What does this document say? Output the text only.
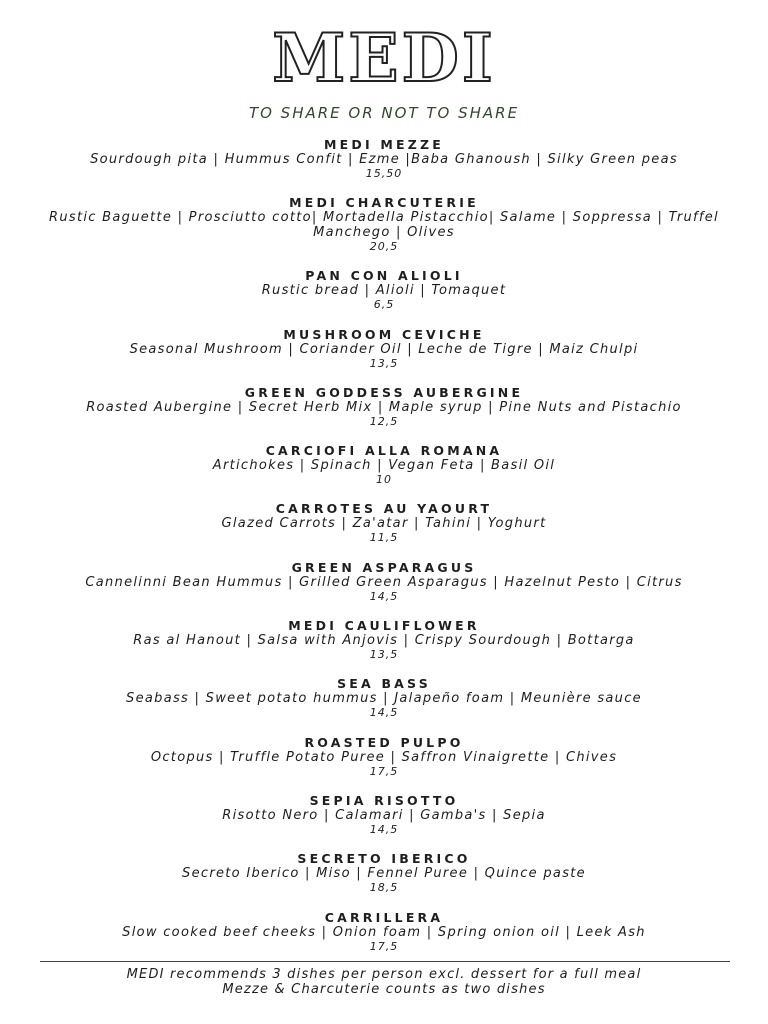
MEDI
TO SHARE OR NOT TO SHARE
MEDI MEZZE
Sourdough pita | Hummus Confit | Ezme |Baba Ghanoush | Silky Green peas
15,50
MEDI CHARCUTERIE
Rustic Baguette | Prosciutto cotto| Mortadella Pistacchio| Salame | Soppressa | Truffel Manchego | Olives
20,5
PAN CON ALIOLI
Rustic bread | Alioli | Tomaquet
6,5
MUSHROOM CEVICHE
Seasonal Mushroom | Coriander Oil | Leche de Tigre | Maiz Chulpi
13,5
GREEN GODDESS AUBERGINE
Roasted Aubergine | Secret Herb Mix | Maple syrup | Pine Nuts and Pistachio
12,5
CARCIOFI ALLA ROMANA
Artichokes | Spinach | Vegan Feta | Basil Oil
10
CARROTES AU YAOURT
Glazed Carrots | Za'atar | Tahini | Yoghurt
11,5
GREEN ASPARAGUS
Cannelinni Bean Hummus | Grilled Green Asparagus | Hazelnut Pesto | Citrus
14,5
MEDI CAULIFLOWER
Ras al Hanout | Salsa with Anjovis | Crispy Sourdough | Bottarga
13,5
SEA BASS
Seabass | Sweet potato hummus | Jalapeño foam | Meunière sauce
14,5
ROASTED PULPO
Octopus | Truffle Potato Puree | Saffron Vinaigrette | Chives
17,5
SEPIA RISOTTO
Risotto Nero | Calamari | Gamba's | Sepia
14,5
SECRETO IBERICO
Secreto Iberico | Miso | Fennel Puree | Quince paste
18,5
CARRILLERA
Slow cooked beef cheeks | Onion foam | Spring onion oil | Leek Ash
17,5
MEDI recommends 3 dishes per person excl. dessert for a full meal
Mezze & Charcuterie counts as two dishes
